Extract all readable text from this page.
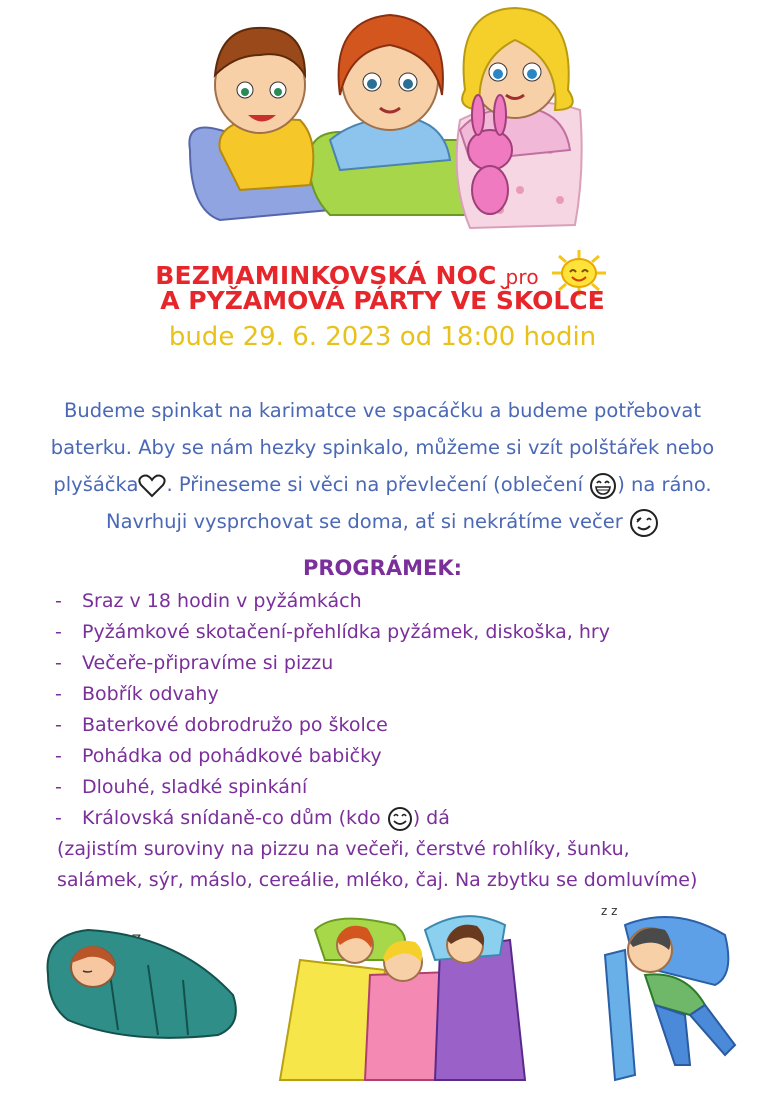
BEZMAMINKOVSKÁ NOC pro
A PYŽAMOVÁ PÁRTY VE ŠKOLCE
bude 29. 6. 2023 od 18:00 hodin
Budeme spinkat na karimatce ve spacáčku a budeme potřebovat
baterku. Aby se nám hezky spinkalo, můžeme si vzít polštářek nebo
plyšáčka . Přineseme si věci na převlečení (oblečení ) na ráno.
Navrhuji vysprchovat se doma, ať si nekrátíme večer
PROGRÁMEK:
- Sraz v 18 hodin v pyžámkách
- Pyžámkové skotačení-přehlídka pyžámek, diskoška, hry
- Večeře-připravíme si pizzu
- Bobřík odvahy
- Baterkové dobrodružo po školce
- Pohádka od pohádkové babičky
- Dlouhé, sladké spinkání
- Královská snídaně-co dům (kdo ) dá
(zajistím suroviny na pizzu na večeři, čerstvé rohlíky, šunku,
salámek, sýr, máslo, cereálie, mléko, čaj. Na zbytku se domluvíme)
z z
